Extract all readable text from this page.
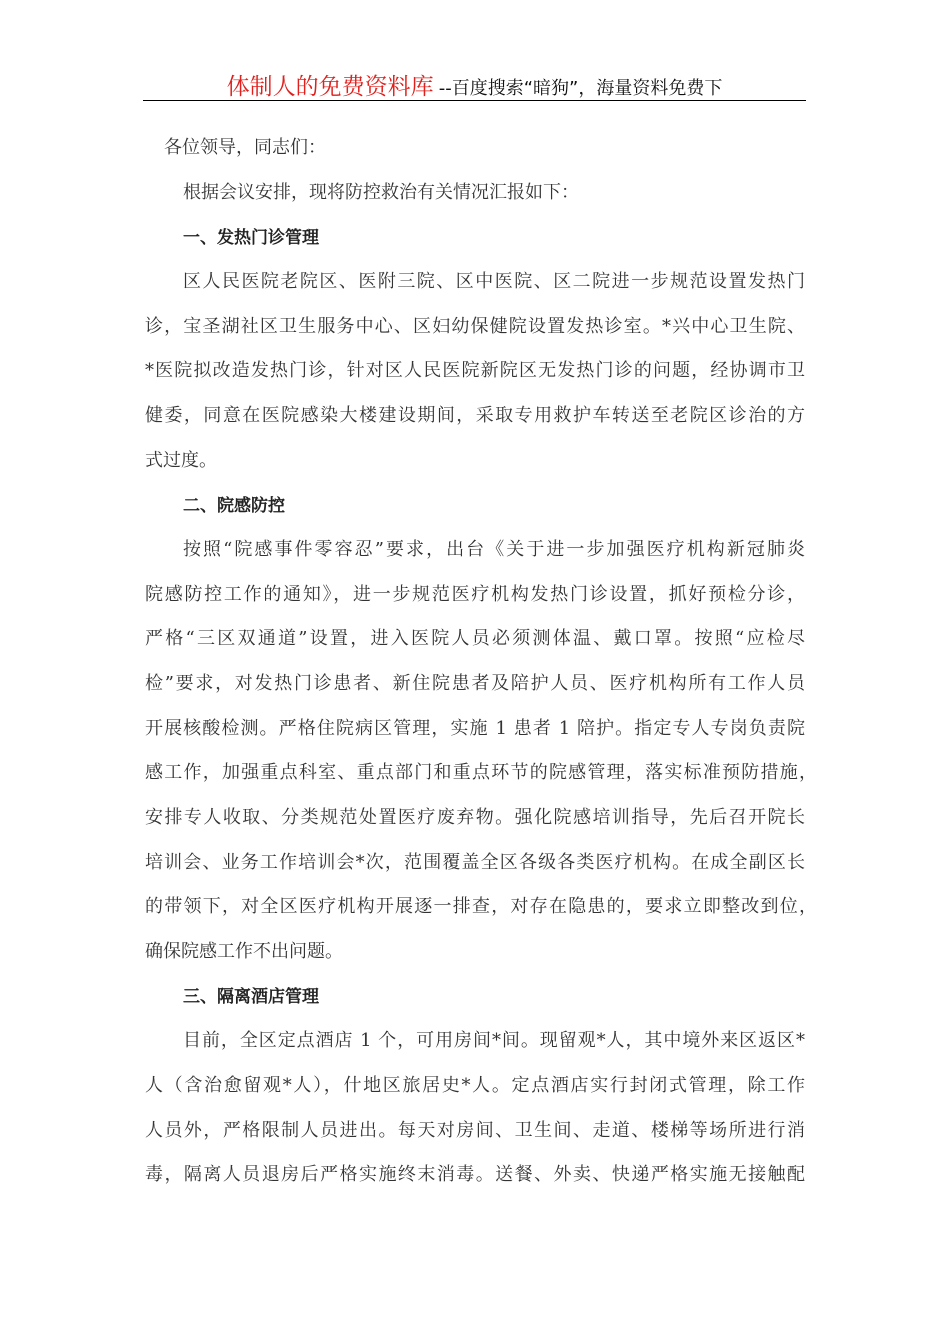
体制人的免费资料库 --百度搜索“暗狗”，海量资料免费下
各位领导，同志们：
根据会议安排，现将防控救治有关情况汇报如下：
一、发热门诊管理
区人民医院老院区、医附三院、区中医院、区二院进一步规范设置发热门
诊，宝圣湖社区卫生服务中心、区妇幼保健院设置发热诊室。*兴中心卫生院、
*医院拟改造发热门诊，针对区人民医院新院区无发热门诊的问题，经协调市卫
健委，同意在医院感染大楼建设期间，采取专用救护车转送至老院区诊治的方
式过度。
二、院感防控
按照“院感事件零容忍”要求，出台《关于进一步加强医疗机构新冠肺炎
院感防控工作的通知》，进一步规范医疗机构发热门诊设置，抓好预检分诊，
严格“三区双通道”设置，进入医院人员必须测体温、戴口罩。按照“应检尽
检”要求，对发热门诊患者、新住院患者及陪护人员、医疗机构所有工作人员
开展核酸检测。严格住院病区管理，实施 1 患者 1 陪护。指定专人专岗负责院
感工作，加强重点科室、重点部门和重点环节的院感管理，落实标准预防措施，
安排专人收取、分类规范处置医疗废弃物。强化院感培训指导，先后召开院长
培训会、业务工作培训会*次，范围覆盖全区各级各类医疗机构。在成全副区长
的带领下，对全区医疗机构开展逐一排查，对存在隐患的，要求立即整改到位，
确保院感工作不出问题。
三、隔离酒店管理
目前，全区定点酒店 1 个，可用房间*间。现留观*人，其中境外来区返区*
人（含治愈留观*人），什地区旅居史*人。定点酒店实行封闭式管理，除工作
人员外，严格限制人员进出。每天对房间、卫生间、走道、楼梯等场所进行消
毒，隔离人员退房后严格实施终末消毒。送餐、外卖、快递严格实施无接触配
